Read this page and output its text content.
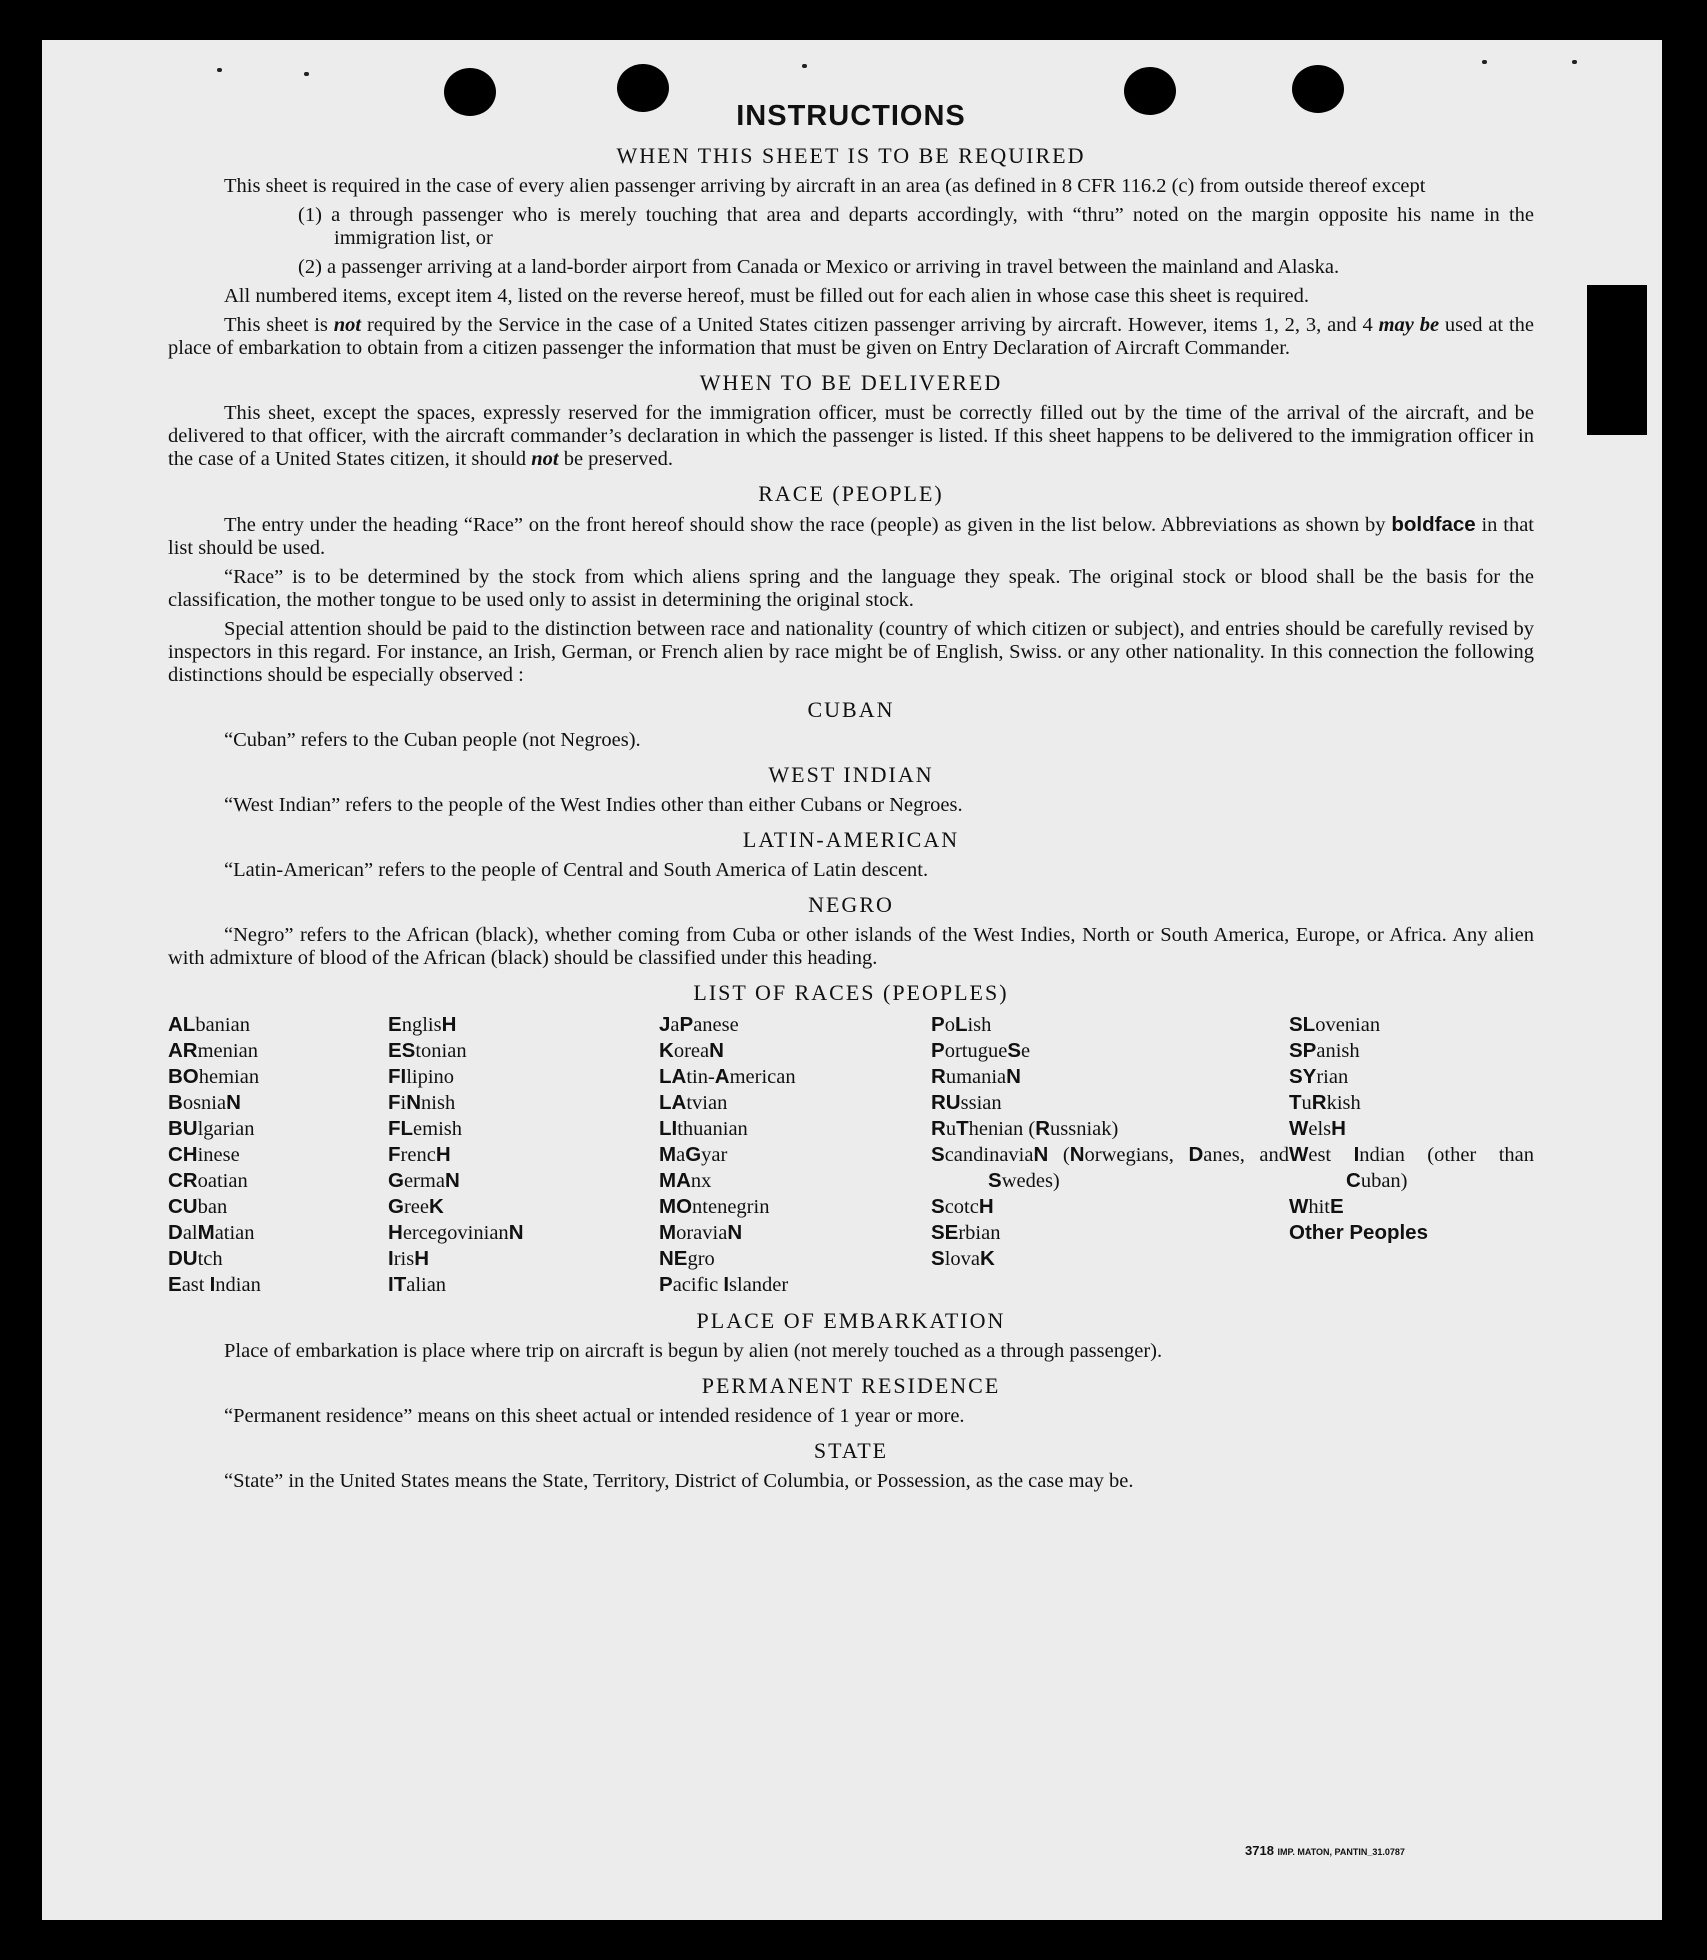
INSTRUCTIONS
WHEN THIS SHEET IS TO BE REQUIRED

This sheet is required in the case of every alien passenger arriving by aircraft in an area (as defined in 8 CFR 116.2 (c) from outside thereof except

(1) a through passenger who is merely touching that area and departs accordingly, with “thru” noted on the margin opposite his name in the immigration list, or

(2) a passenger arriving at a land-border airport from Canada or Mexico or arriving in travel between the mainland and Alaska.

All numbered items, except item 4, listed on the reverse hereof, must be filled out for each alien in whose case this sheet is required.

This sheet is not required by the Service in the case of a United States citizen passenger arriving by aircraft. However, items 1, 2, 3, and 4 may be used at the place of embarkation to obtain from a citizen passenger the information that must be given on Entry Declaration of Aircraft Commander.

WHEN TO BE DELIVERED

This sheet, except the spaces, expressly reserved for the immigration officer, must be correctly filled out by the time of the arrival of the aircraft, and be delivered to that officer, with the aircraft commander’s declaration in which the passenger is listed. If this sheet happens to be delivered to the immigration officer in the case of a United States citizen, it should not be preserved.

RACE (PEOPLE)

The entry under the heading “Race” on the front hereof should show the race (people) as given in the list below. Abbreviations as shown by boldface in that list should be used.

“Race” is to be determined by the stock from which aliens spring and the language they speak. The original stock or blood shall be the basis for the classification, the mother tongue to be used only to assist in determining the original stock.

Special attention should be paid to the distinction between race and nationality (country of which citizen or subject), and entries should be carefully revised by inspectors in this regard. For instance, an Irish, German, or French alien by race might be of English, Swiss. or any other nationality. In this connection the following distinctions should be especially observed :

CUBAN

“Cuban” refers to the Cuban people (not Negroes).

WEST INDIAN

“West Indian” refers to the people of the West Indies other than either Cubans or Negroes.

LATIN-AMERICAN

“Latin-American” refers to the people of Central and South America of Latin descent.

NEGRO

“Negro” refers to the African (black), whether coming from Cuba or other islands of the West Indies, North or South America, Europe, or Africa. Any alien with admixture of blood of the African (black) should be classified under this heading.

LIST OF RACES (PEOPLES)
ALbanian
ARmenian
BOhemian
BosniaN
BUlgarian
CHinese
CRoatian
CUban
DalMatian
DUtch
East Indian
EnglisH
EStonian
FIlipino
FiNnish
FLemish
FrencH
GermaN
GreeK
HercegovinianN
IrisH
ITalian
JaPanese
KoreaN
LAtin-American
LAtvian
LIthuanian
MaGyar
MAnx
MOntenegrin
MoraviaN
NEgro
Pacific Islander
PoLish
PortugueSe
RumaniaN
RUssian
RuThenian (Russniak)
ScandinaviaN (Norwegians, Danes, and Swedes)
ScotcH
SErbian
SlovaK
SLovenian
SPanish
SYrian
TuRkish
WelsH
West Indian (other than Cuban)
WhitE
Other Peoples
PLACE OF EMBARKATION

Place of embarkation is place where trip on aircraft is begun by alien (not merely touched as a through passenger).

PERMANENT RESIDENCE

“Permanent residence” means on this sheet actual or intended residence of 1 year or more.

STATE

“State” in the United States means the State, Territory, District of Columbia, or Possession, as the case may be.

3718 IMP. MATON, PANTIN_31.0787
